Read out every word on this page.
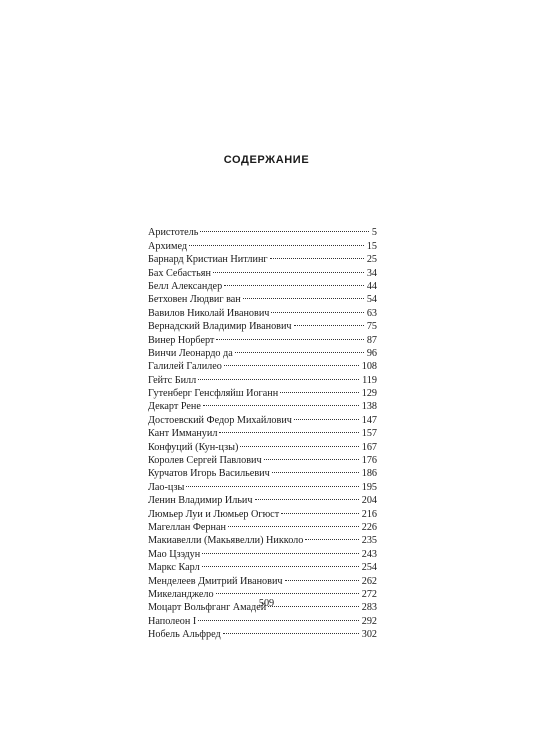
СОДЕРЖАНИЕ
Аристотель	5
Архимед	15
Барнард Кристиан Нитлинг	25
Бах Себастьян	34
Белл Александер	44
Бетховен Людвиг ван	54
Вавилов Николай Иванович	63
Вернадский Владимир Иванович	75
Винер Норберт	87
Винчи Леонардо да	96
Галилей Галилео	108
Гейтс Билл	119
Гутенберг Генсфляйш Иоганн	129
Декарт Рене	138
Достоевский Федор Михайлович	147
Кант Иммануил	157
Конфуций (Кун-цзы)	167
Королев Сергей Павлович	176
Курчатов Игорь Васильевич	186
Лао-цзы	195
Ленин Владимир Ильич	204
Люмьер Луи и Люмьер Огюст	216
Магеллан Фернан	226
Макиавелли (Макьявелли) Никколо	235
Мао Цзэдун	243
Маркс Карл	254
Менделеев Дмитрий Иванович	262
Микеланджело	272
Моцарт Вольфганг Амадей	283
Наполеон I	292
Нобель Альфред	302
509
